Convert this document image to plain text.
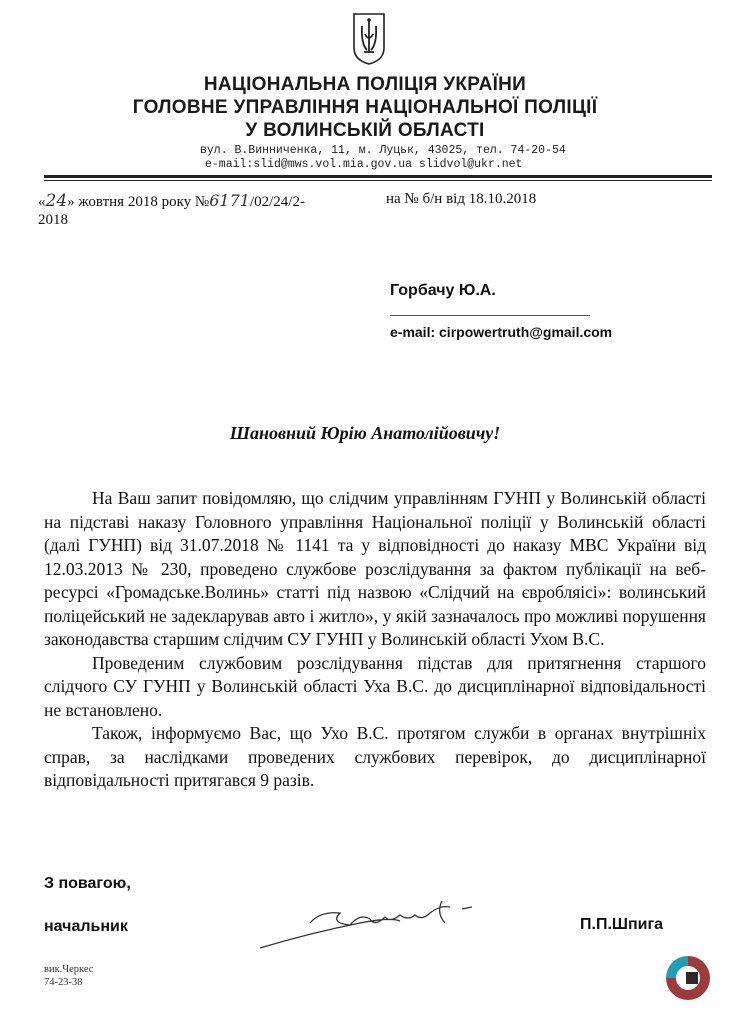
НАЦІОНАЛЬНА ПОЛІЦІЯ УКРАЇНИ
ГОЛОВНЕ УПРАВЛІННЯ НАЦІОНАЛЬНОЇ ПОЛІЦІЇ
У ВОЛИНСЬКІЙ ОБЛАСТІ
вул. В.Винниченка, 11, м. Луцьк, 43025, тел. 74-20-54
e-mail:slid@mws.vol.mia.gov.ua slidvol@ukr.net
«24» жовтня 2018 року №6171/02/24/2-
2018
на № б/н від 18.10.2018
Горбачу Ю.А.
e-mail: cirpowertruth@gmail.com
Шановний Юрію Анатолійовичу!

На Ваш запит повідомляю, що слідчим управлінням ГУНП у Волинській області на підставі наказу Головного управління Національної поліції у Волинській області (далі ГУНП) від 31.07.2018 № 1141 та у відповідності до наказу МВС України від 12.03.2013 № 230, проведено службове розслідування за фактом публікації на веб-ресурсі «Громадське.Волинь» статті під назвою «Слідчий на євробляісі»: волинський поліцейський не задекларував авто і житло», у якій зазначалось про можливі порушення законодавства старшим слідчим СУ ГУНП у Волинській області Ухом В.С.

Проведеним службовим розслідування підстав для притягнення старшого слідчого СУ ГУНП у Волинській області Уха В.С. до дисциплінарної відповідальності не встановлено.

Також, інформуємо Вас, що Ухо В.С. протягом служби в органах внутрішніх справ, за наслідками проведених службових перевірок, до дисциплінарної відповідальності притягався 9 разів.

З повагою,
начальник	П.П.Шпига
вик.Черкес
74-23-38
